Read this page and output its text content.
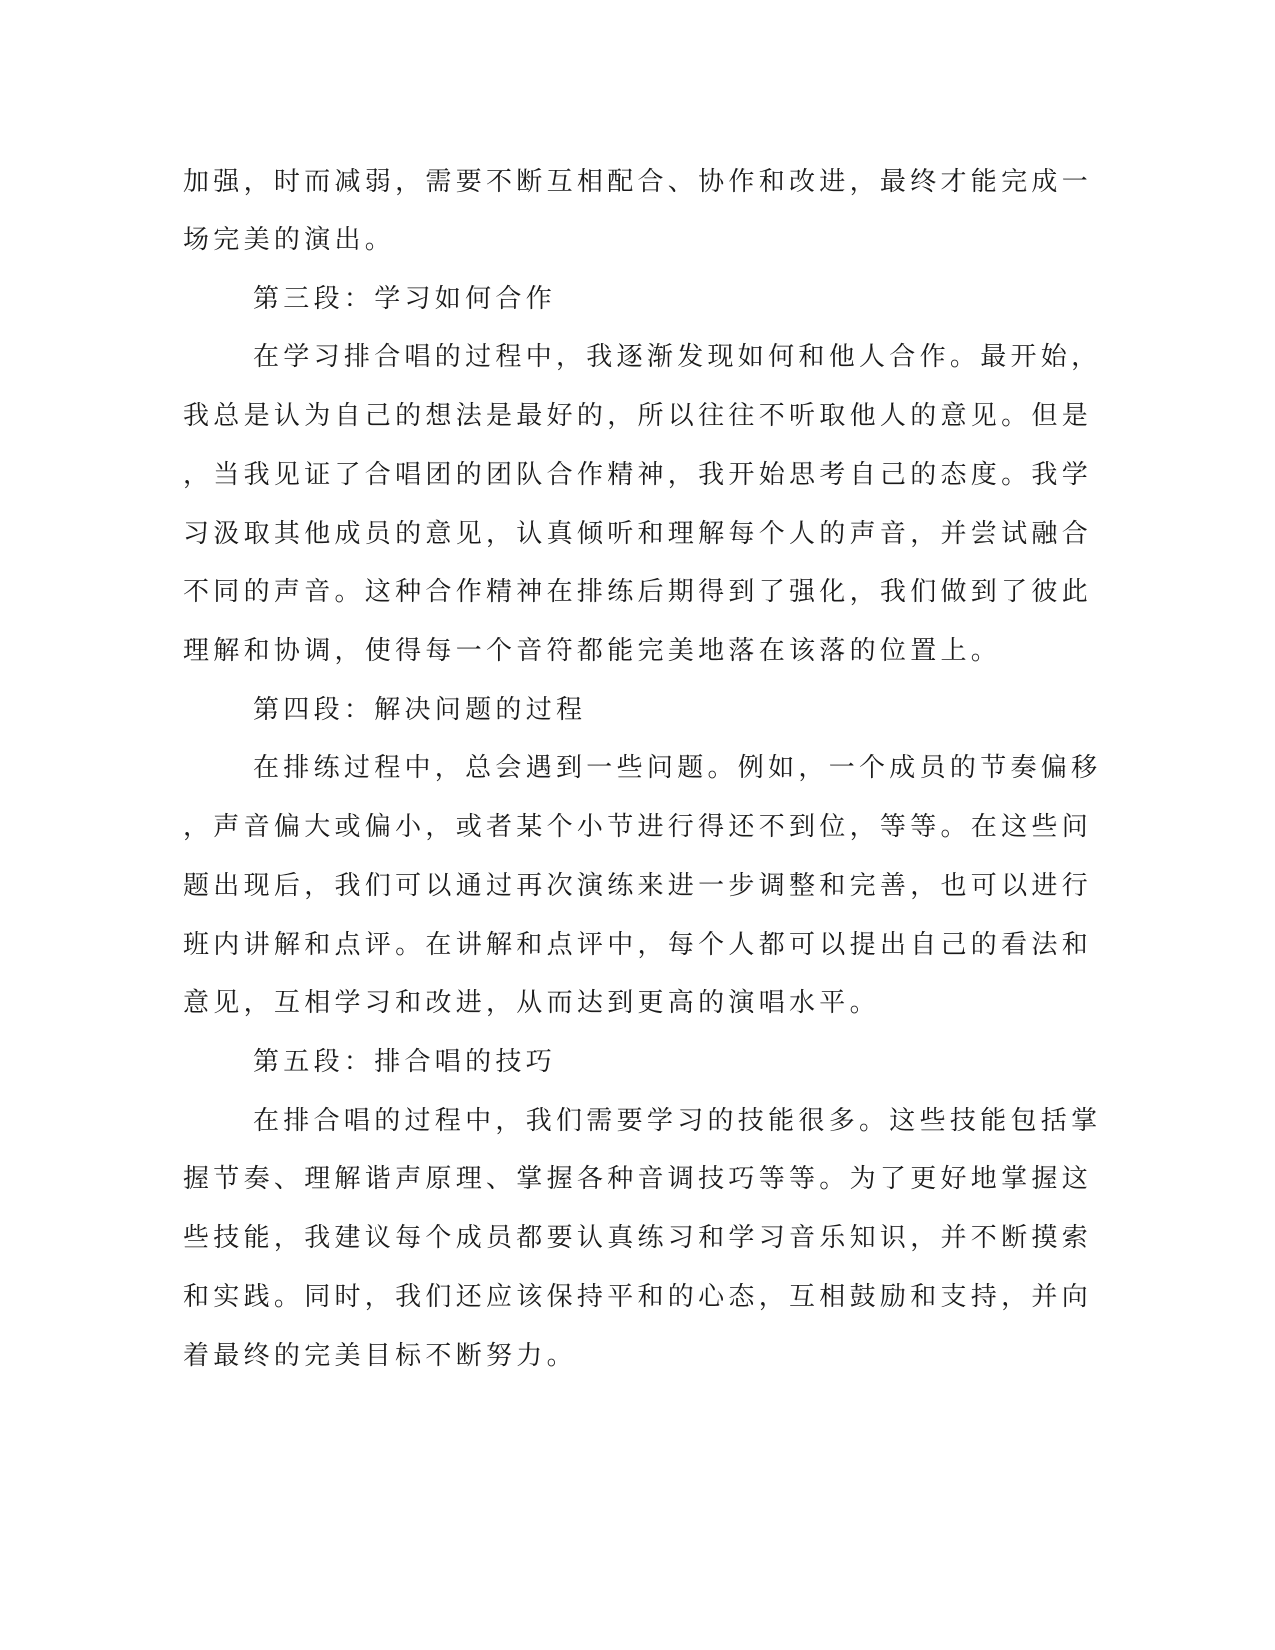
加强，时而减弱，需要不断互相配合、协作和改进，最终才能完成一
场完美的演出。
第三段：学习如何合作
在学习排合唱的过程中，我逐渐发现如何和他人合作。最开始，
我总是认为自己的想法是最好的，所以往往不听取他人的意见。但是
，当我见证了合唱团的团队合作精神，我开始思考自己的态度。我学
习汲取其他成员的意见，认真倾听和理解每个人的声音，并尝试融合
不同的声音。这种合作精神在排练后期得到了强化，我们做到了彼此
理解和协调，使得每一个音符都能完美地落在该落的位置上。
第四段：解决问题的过程
在排练过程中，总会遇到一些问题。例如，一个成员的节奏偏移
，声音偏大或偏小，或者某个小节进行得还不到位，等等。在这些问
题出现后，我们可以通过再次演练来进一步调整和完善，也可以进行
班内讲解和点评。在讲解和点评中，每个人都可以提出自己的看法和
意见，互相学习和改进，从而达到更高的演唱水平。
第五段：排合唱的技巧
在排合唱的过程中，我们需要学习的技能很多。这些技能包括掌
握节奏、理解谐声原理、掌握各种音调技巧等等。为了更好地掌握这
些技能，我建议每个成员都要认真练习和学习音乐知识，并不断摸索
和实践。同时，我们还应该保持平和的心态，互相鼓励和支持，并向
着最终的完美目标不断努力。
